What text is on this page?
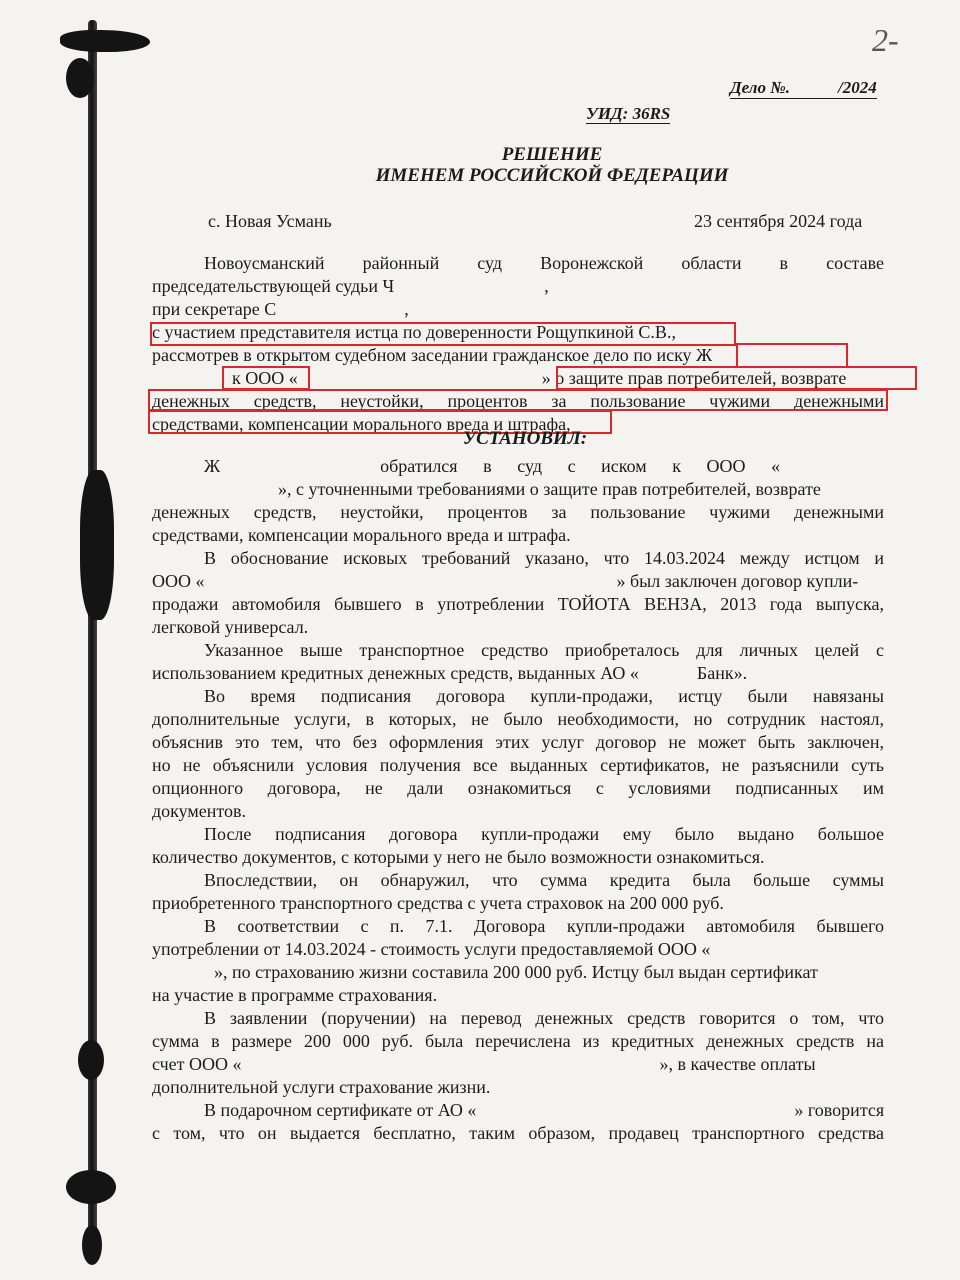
2-
Дело №.	/2024
УИД: 36RS
РЕШЕНИЕ
ИМЕНЕМ РОССИЙСКОЙ ФЕДЕРАЦИИ
с. Новая Усмань	23 сентября 2024 года
Новоусманский районный суд Воронежской области в составе
председательствующей судьи Ч	,
при секретаре С	,
с участием представителя истца по доверенности Рощупкиной С.В.,
рассмотрев в открытом судебном заседании гражданское дело по иску Ж
к ООО «	» о защите прав потребителей, возврате
денежных средств, неустойки, процентов за пользование чужими денежными
средствами, компенсации морального вреда и штрафа,
УСТАНОВИЛ:
Ж	обратился в суд с иском к ООО «
», с уточненными требованиями о защите прав потребителей, возврате
денежных средств, неустойки, процентов за пользование чужими денежными
средствами, компенсации морального вреда и штрафа.
В обоснование исковых требований указано, что 14.03.2024 между истцом и
ООО «	» был заключен договор купли-
продажи автомобиля бывшего в употреблении ТОЙОТА ВЕНЗА, 2013 года выпуска,
легковой универсал.
Указанное выше транспортное средство приобреталось для личных целей с
использованием кредитных денежных средств, выданных АО «	Банк».
Во время подписания договора купли-продажи, истцу были навязаны
дополнительные услуги, в которых, не было необходимости, но сотрудник настоял,
объяснив это тем, что без оформления этих услуг договор не может быть заключен,
но не объяснили условия получения все выданных сертификатов, не разъяснили суть
опционного договора, не дали ознакомиться с условиями подписанных им
документов.
После подписания договора купли-продажи ему было выдано большое
количество документов, с которыми у него не было возможности ознакомиться.
Впоследствии, он обнаружил, что сумма кредита была больше суммы
приобретенного транспортного средства с учета страховок на 200 000 руб.
В соответствии с п. 7.1. Договора купли-продажи автомобиля бывшего
употреблении от 14.03.2024 - стоимость услуги предоставляемой ООО «
», по страхованию жизни составила 200 000 руб. Истцу был выдан сертификат
на участие в программе страхования.
В заявлении (поручении) на перевод денежных средств говорится о том, что
сумма в размере 200 000 руб. была перечислена из кредитных денежных средств на
счет ООО «	», в качестве оплаты
дополнительной услуги страхование жизни.
В подарочном сертификате от АО «	» говорится
с том, что он выдается бесплатно, таким образом, продавец транспортного средства
